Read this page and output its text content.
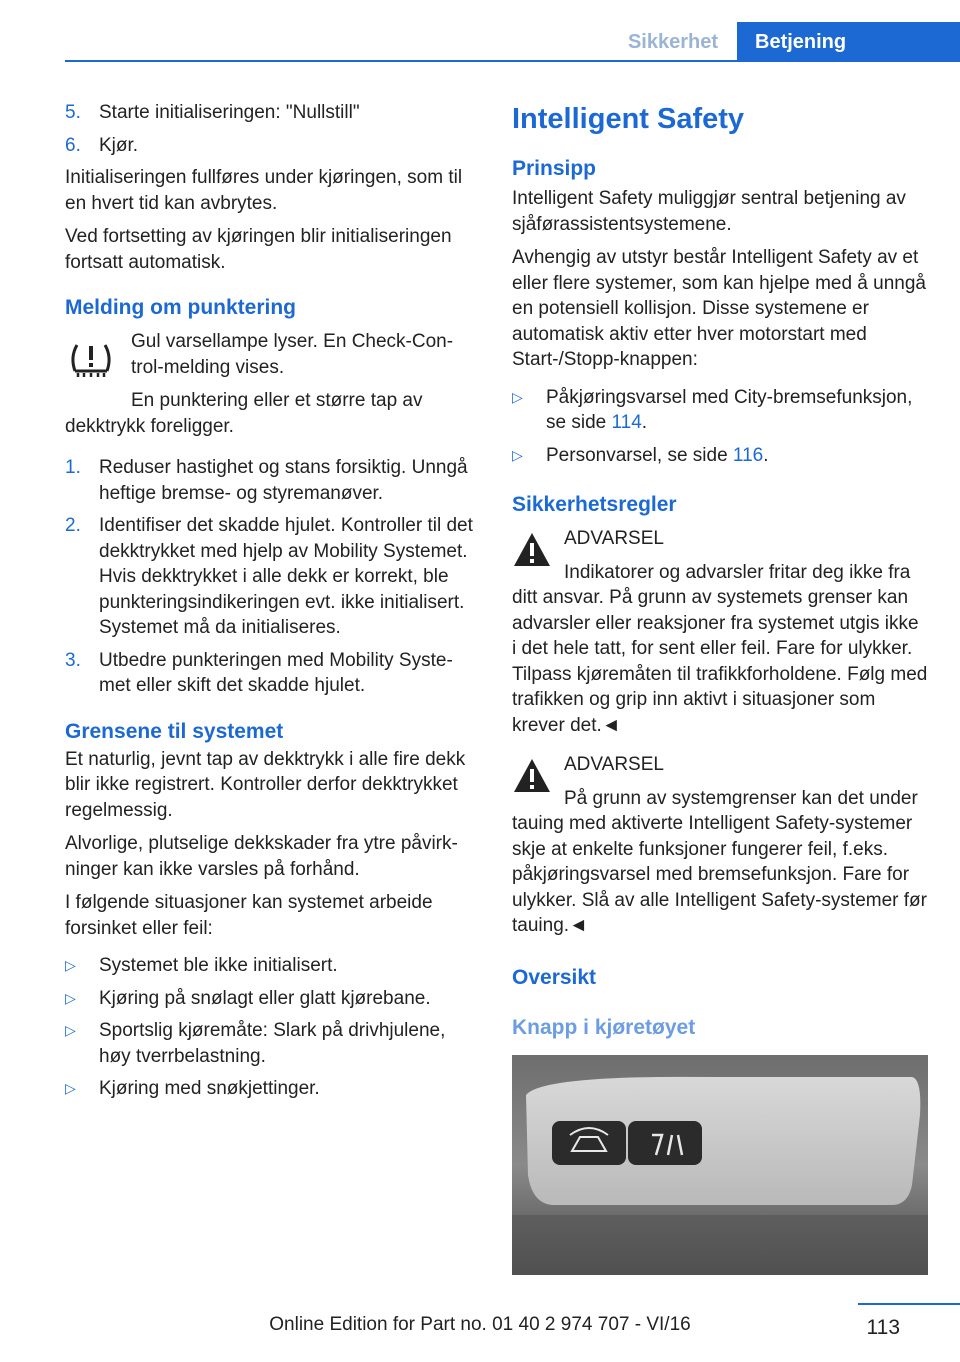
Sikkerhet	Betjening
5. Starte initialiseringen: "Nullstill"
6. Kjør.

Initialiseringen fullføres under kjøringen, som til en hvert tid kan avbrytes.

Ved fortsetting av kjøringen blir initialiseringen fortsatt automatisk.

Melding om punktering

Gul varsellampe lyser. En Check-Control-melding vises.

En punktering eller et større tap av dekktrykk foreligger.

1. Reduser hastighet og stans forsiktig. Unngå heftige bremse- og styremanøver.
2. Identifiser det skadde hjulet. Kontroller til det dekktrykket med hjelp av Mobility Systemet. Hvis dekktrykket i alle dekk er korrekt, ble punkteringsindikeringen evt. ikke initialisert. Systemet må da initialiseres.
3. Utbedre punkteringen med Mobility Systemet eller skift det skadde hjulet.
Grensene til systemet

Et naturlig, jevnt tap av dekktrykk i alle fire dekk blir ikke registrert. Kontroller derfor dekktrykket regelmessig.

Alvorlige, plutselige dekkskader fra ytre påvirkninger kan ikke varsles på forhånd.

I følgende situasjoner kan systemet arbeide forsinket eller feil:

▷	Systemet ble ikke initialisert.
▷	Kjøring på snølagt eller glatt kjørebane.
▷	Sportslig kjøremåte: Slark på drivhjulene, høy tverrbelastning.
▷	Kjøring med snøkjettinger.
Intelligent Safety
Prinsipp

Intelligent Safety muliggjør sentral betjening av sjåførassistentsystemene.

Avhengig av utstyr består Intelligent Safety av et eller flere systemer, som kan hjelpe med å unngå en potensiell kollisjon. Disse systemene er automatisk aktiv etter hver motorstart med Start-/Stopp-knappen:

▷	Påkjøringsvarsel med City-bremsefunksjon, se side 114.
▷	Personvarsel, se side 116.
Sikkerhetsregler

ADVARSEL

Indikatorer og advarsler fritar deg ikke fra ditt ansvar. På grunn av systemets grenser kan advarsler eller reaksjoner fra systemet utgis ikke i det hele tatt, for sent eller feil. Fare for ulykker. Tilpass kjøremåten til trafikkforholdene. Følg med trafikken og grip inn aktivt i situasjoner som krever det.◄

ADVARSEL

På grunn av systemgrenser kan det under tauing med aktiverte Intelligent Safety-systemer skje at enkelte funksjoner fungerer feil, f.eks. påkjøringsvarsel med bremsefunksjon. Fare for ulykker. Slå av alle Intelligent Safety-systemer før tauing.◄

Oversikt
Knapp i kjøretøyet
113
Online Edition for Part no. 01 40 2 974 707 - VI/16
